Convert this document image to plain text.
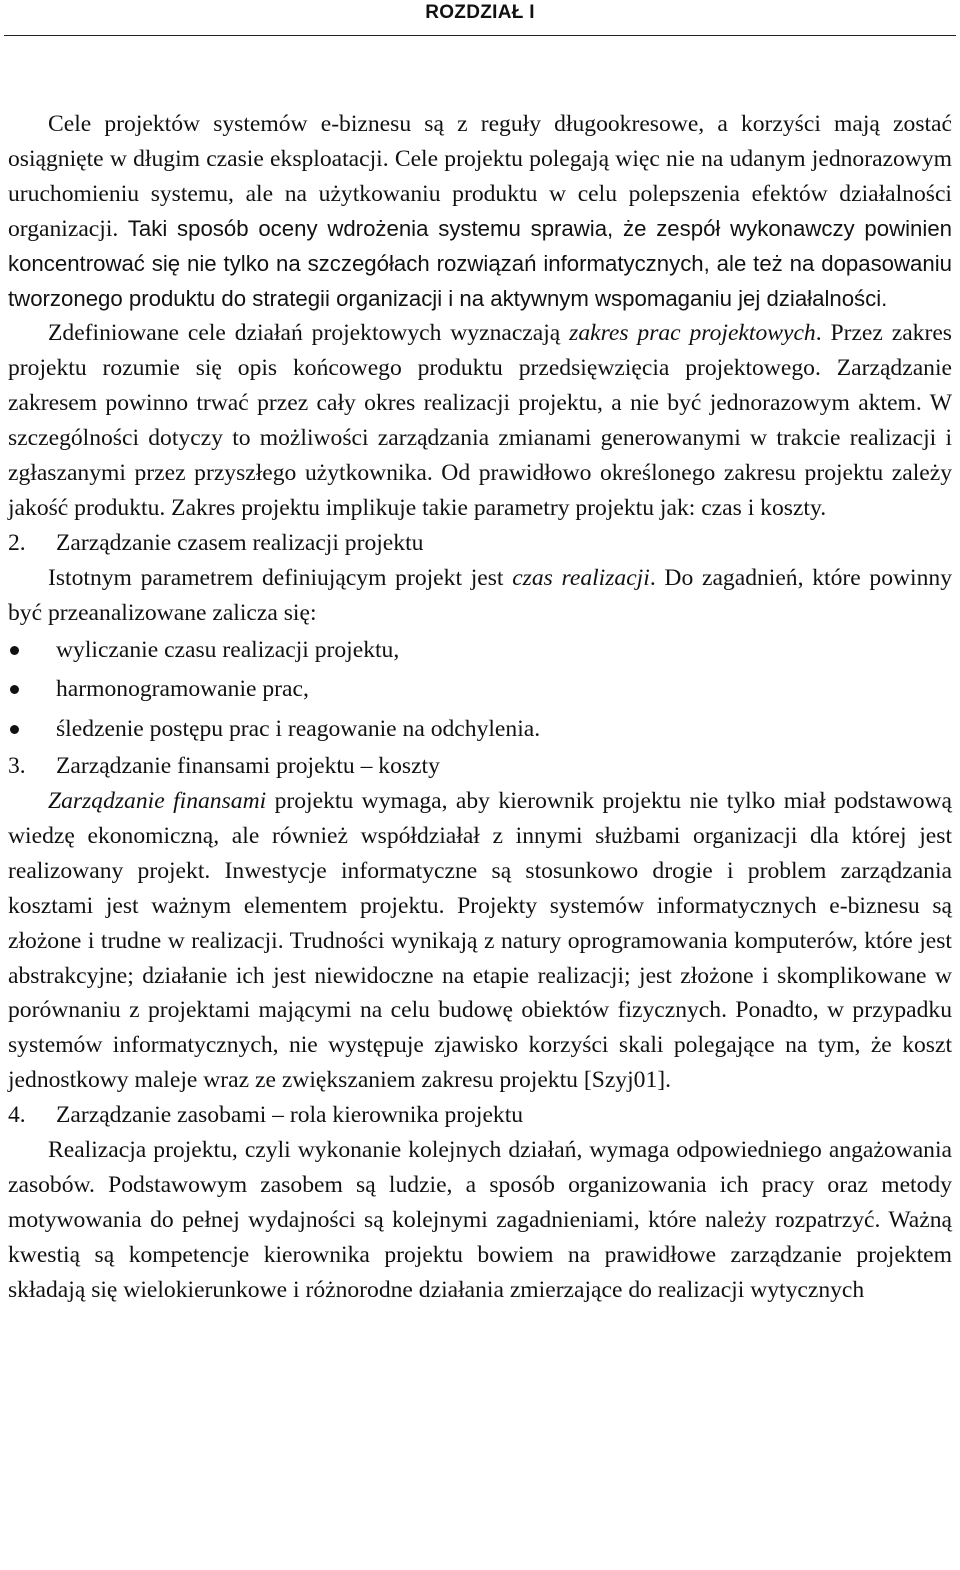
ROZDZIAŁ I

Cele projektów systemów e-biznesu są z reguły długookresowe, a korzyści mają zostać osiągnięte w długim czasie eksploatacji. Cele projektu polegają więc nie na udanym jednorazowym uruchomieniu systemu, ale na użytkowaniu produktu w celu polepszenia efektów działalności organizacji. Taki sposób oceny wdrożenia systemu sprawia, że zespół wykonawczy powinien koncentrować się nie tylko na szczegółach rozwiązań informatycznych, ale też na dopasowaniu tworzonego produktu do strategii organizacji i na aktywnym wspomaganiu jej działalności.

Zdefiniowane cele działań projektowych wyznaczają zakres prac projektowych. Przez zakres projektu rozumie się opis końcowego produktu przedsięwzięcia projektowego. Zarządzanie zakresem powinno trwać przez cały okres realizacji projektu, a nie być jednorazowym aktem. W szczególności dotyczy to możliwości zarządzania zmianami generowanymi w trakcie realizacji i zgłaszanymi przez przyszłego użytkownika. Od prawidłowo określonego zakresu projektu zależy jakość produktu. Zakres projektu implikuje takie parametry projektu jak: czas i koszty.

2. Zarządzanie czasem realizacji projektu

Istotnym parametrem definiującym projekt jest czas realizacji. Do zagadnień, które powinny być przeanalizowane zalicza się:

wyliczanie czasu realizacji projektu,
harmonogramowanie prac,
śledzenie postępu prac i reagowanie na odchylenia.

3. Zarządzanie finansami projektu – koszty

Zarządzanie finansami projektu wymaga, aby kierownik projektu nie tylko miał podstawową wiedzę ekonomiczną, ale również współdziałał z innymi służbami organizacji dla której jest realizowany projekt. Inwestycje informatyczne są stosunkowo drogie i problem zarządzania kosztami jest ważnym elementem projektu. Projekty systemów informatycznych e-biznesu są złożone i trudne w realizacji. Trudności wynikają z natury oprogramowania komputerów, które jest abstrakcyjne; działanie ich jest niewidoczne na etapie realizacji; jest złożone i skomplikowane w porównaniu z projektami mającymi na celu budowę obiektów fizycznych. Ponadto, w przypadku systemów informatycznych, nie występuje zjawisko korzyści skali polegające na tym, że koszt jednostkowy maleje wraz ze zwiększaniem zakresu projektu [Szyj01].

4. Zarządzanie zasobami – rola kierownika projektu

Realizacja projektu, czyli wykonanie kolejnych działań, wymaga odpowiedniego angażowania zasobów. Podstawowym zasobem są ludzie, a sposób organizowania ich pracy oraz metody motywowania do pełnej wydajności są kolejnymi zagadnieniami, które należy rozpatrzyć. Ważną kwestią są kompetencje kierownika projektu bowiem na prawidłowe zarządzanie projektem składają się wielokierunkowe i różnorodne działania zmierzające do realizacji wytycznych
